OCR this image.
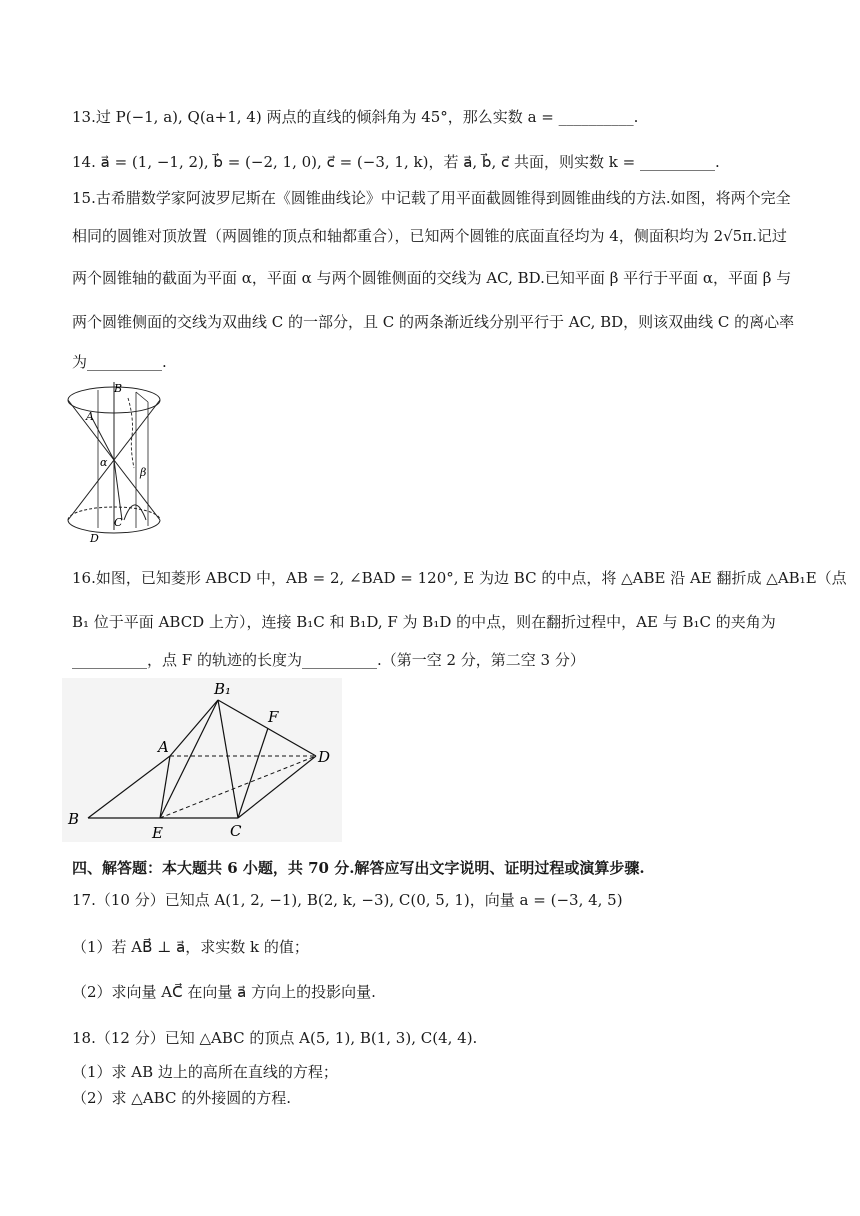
13.过 P(−1, a), Q(a+1, 4) 两点的直线的倾斜角为 45°，那么实数 a = __________.
14. a⃗ = (1, −1, 2), b⃗ = (−2, 1, 0), c⃗ = (−3, 1, k)，若 a⃗, b⃗, c⃗ 共面，则实数 k = __________.
15.古希腊数学家阿波罗尼斯在《圆锥曲线论》中记载了用平面截圆锥得到圆锥曲线的方法.如图，将两个完全
相同的圆锥对顶放置（两圆锥的顶点和轴都重合），已知两个圆锥的底面直径均为 4，侧面积均为 2√5π.记过
两个圆锥轴的截面为平面 α，平面 α 与两个圆锥侧面的交线为 AC, BD.已知平面 β 平行于平面 α，平面 β 与
两个圆锥侧面的交线为双曲线 C 的一部分，且 C 的两条渐近线分别平行于 AC, BD，则该双曲线 C 的离心率
为__________.
B
A
α
β
C
D
16.如图，已知菱形 ABCD 中，AB = 2, ∠BAD = 120°, E 为边 BC 的中点，将 △ABE 沿 AE 翻折成 △AB₁E（点
B₁ 位于平面 ABCD 上方），连接 B₁C 和 B₁D, F 为 B₁D 的中点，则在翻折过程中，AE 与 B₁C 的夹角为
__________，点 F 的轨迹的长度为__________.（第一空 2 分，第二空 3 分）
B₁
F
A
D
B
E	C
四、解答题：本大题共 6 小题，共 70 分.解答应写出文字说明、证明过程或演算步骤.
17.（10 分）已知点 A(1, 2, −1), B(2, k, −3), C(0, 5, 1)，向量 a = (−3, 4, 5)
（1）若 AB⃗ ⊥ a⃗，求实数 k 的值；
（2）求向量 AC⃗ 在向量 a⃗ 方向上的投影向量.
18.（12 分）已知 △ABC 的顶点 A(5, 1), B(1, 3), C(4, 4).
（1）求 AB 边上的高所在直线的方程；
（2）求 △ABC 的外接圆的方程.
